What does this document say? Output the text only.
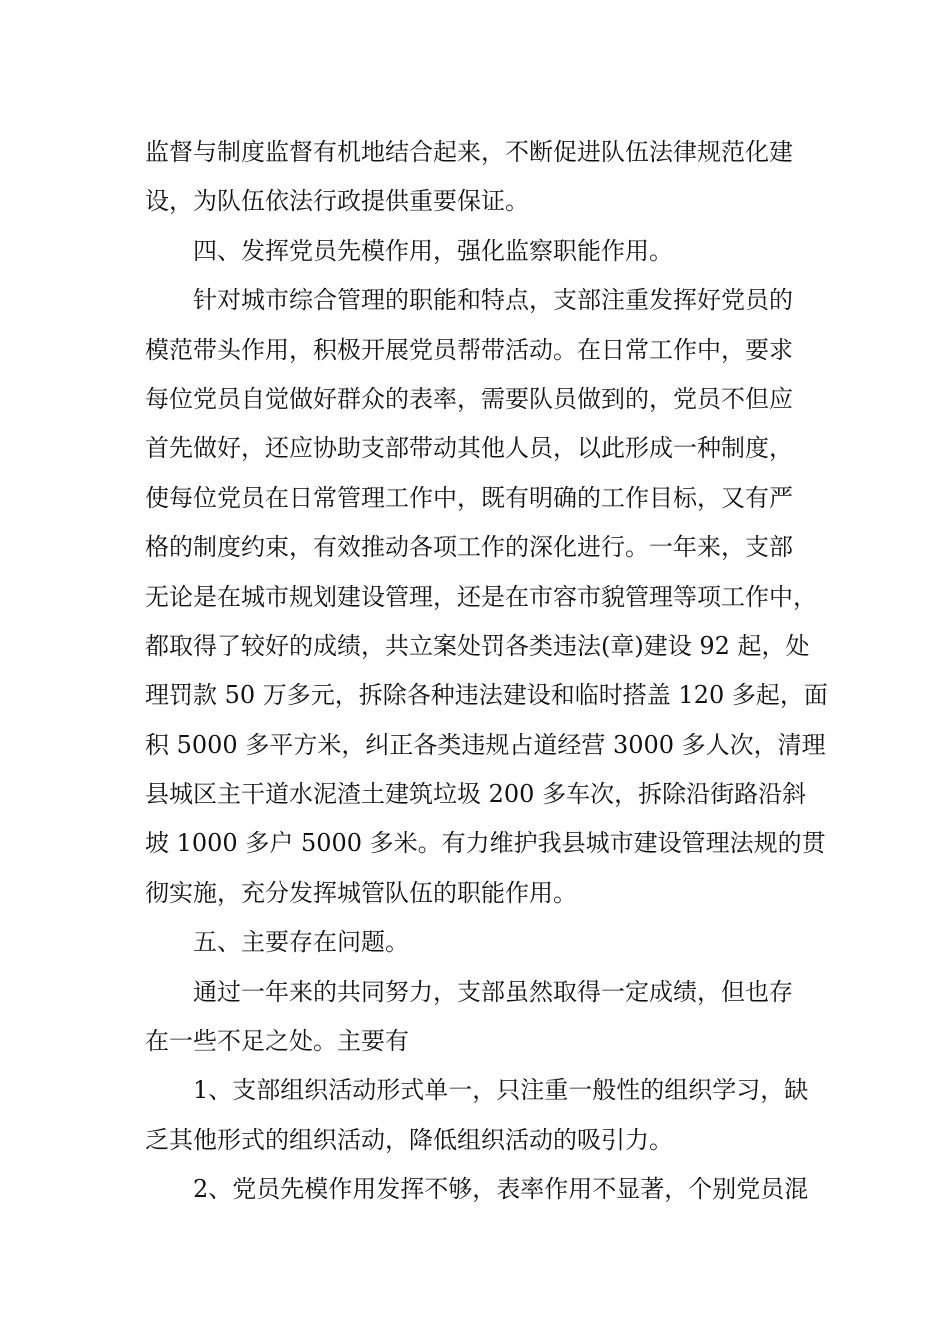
监督与制度监督有机地结合起来，不断促进队伍法律规范化建
设，为队伍依法行政提供重要保证。
四、发挥党员先模作用，强化监察职能作用。
针对城市综合管理的职能和特点，支部注重发挥好党员的
模范带头作用，积极开展党员帮带活动。在日常工作中，要求
每位党员自觉做好群众的表率，需要队员做到的，党员不但应
首先做好，还应协助支部带动其他人员，以此形成一种制度，
使每位党员在日常管理工作中，既有明确的工作目标，又有严
格的制度约束，有效推动各项工作的深化进行。一年来，支部
无论是在城市规划建设管理，还是在市容市貌管理等项工作中，
都取得了较好的成绩，共立案处罚各类违法(章)建设 92 起，处
理罚款 50 万多元，拆除各种违法建设和临时搭盖 120 多起，面
积 5000 多平方米，纠正各类违规占道经营 3000 多人次，清理
县城区主干道水泥渣土建筑垃圾 200 多车次，拆除沿街路沿斜
坡 1000 多户 5000 多米。有力维护我县城市建设管理法规的贯
彻实施，充分发挥城管队伍的职能作用。
五、主要存在问题。
通过一年来的共同努力，支部虽然取得一定成绩，但也存
在一些不足之处。主要有
1、支部组织活动形式单一，只注重一般性的组织学习，缺
乏其他形式的组织活动，降低组织活动的吸引力。
2、党员先模作用发挥不够，表率作用不显著，个别党员混
